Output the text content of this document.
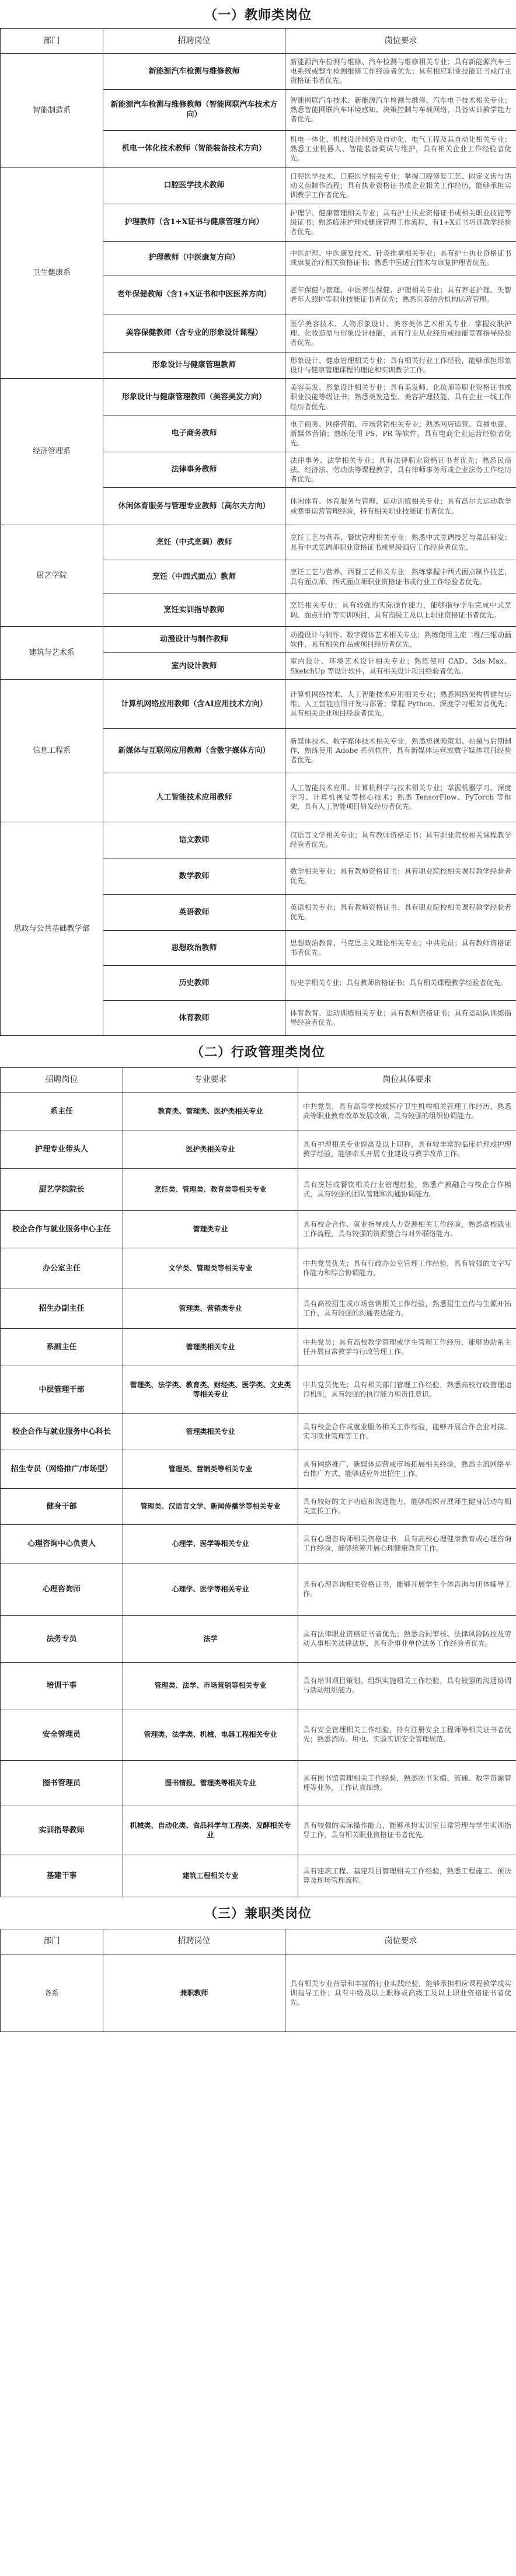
（一）教师类岗位
部门	招聘岗位	岗位要求
智能制造系	新能源汽车检测与维修教师	新能源汽车检测与维修、汽车检测与维修相关专业；具有新能源汽车三电系统或整车检测维修工作经验者优先；具有相应职业技能证书或行业资格证书者优先。
	新能源汽车检测与维修教师（智能网联汽车技术方向）	智能网联汽车技术、新能源汽车检测与维修、汽车电子技术相关专业；熟悉智能网联汽车环境感知、决策控制与车载网络，具备实训教学能力者优先。
	机电一体化技术教师（智能装备技术方向）	机电一体化、机械设计制造及自动化、电气工程及其自动化相关专业；熟悉工业机器人、智能装备调试与维护，具有相关企业工作经验者优先。
卫生健康系	口腔医学技术教师	口腔医学技术、口腔医学相关专业；掌握口腔修复工艺、固定义齿与活动义齿制作流程；具有执业资格证书或企业相关工作经历，能够承担实训教学工作者优先。
	护理教师（含1+X证书与健康管理方向）	护理学、健康管理相关专业；具有护士执业资格证书或相关职业技能等级证书；熟悉临床护理或健康管理工作流程，有1+X证书培训教学经验者优先。
	护理教师（中医康复方向）	中医护理、中医康复技术、针灸推拿相关专业；具有护士执业资格证书或康复治疗相关资格证书；熟悉中医适宜技术与康复护理者优先。
	老年保健教师（含1+X证书和中医医养方向）	老年保健与管理、中医养生保健、护理相关专业；具有养老护理、失智老年人照护等职业技能证书者优先；熟悉医养结合机构运营管理。
	美容保健教师（含专业的形象设计课程）	医学美容技术、人物形象设计、美容美体艺术相关专业；掌握皮肤护理、化妆造型与形象设计技能，具有行业从业经历或技能竞赛指导经验者优先。
	形象设计与健康管理教师	形象设计、健康管理相关专业；具有相关行业工作经验，能够承担形象设计与健康管理课程的理论和实训教学工作。
经济管理系	形象设计与健康管理教师（美容美发方向）	美容美发、形象设计相关专业；具有美发师、化妆师等职业资格证书或职业技能等级证书；熟悉美发造型、美容护理技能，具有企业一线工作经历者优先。
	电子商务教师	电子商务、网络营销、市场营销相关专业；熟悉网店运营、直播电商、新媒体营销；熟练使用 PS、PR 等软件，具有电商企业运营经验者优先。
	法律事务教师	法律事务、法学相关专业；具有法律职业资格证书者优先；熟悉民商法、经济法、劳动法等课程教学，具有律师事务所或企业法务工作经历者优先。
	休闲体育服务与管理专业教师（高尔夫方向）	休闲体育、体育服务与管理、运动训练相关专业；具有高尔夫运动教学或赛事运营管理经验，持有相关职业技能证书者优先。
厨艺学院	烹饪（中式烹调）教师	烹饪工艺与营养、餐饮管理相关专业；熟悉中式烹调技艺与菜品研发；具有中式烹调师职业资格证书或星级酒店工作经验者优先。
	烹饪（中西式面点）教师	烹饪工艺与营养、西餐工艺相关专业；熟练掌握中西式面点制作技艺，具有面点师、西式面点师职业资格证书或行业工作经验者优先。
	烹饪实训指导教师	烹饪相关专业；具有较强的实际操作能力，能够指导学生完成中式烹调、面点制作等实训项目，具有高级工及以上职业资格证书者优先。
建筑与艺术系	动漫设计与制作教师	动漫设计与制作、数字媒体艺术相关专业；熟练使用主流二维/三维动画软件，具有相关作品或项目经历者优先。
	室内设计教师	室内设计、环境艺术设计相关专业；熟练使用 CAD、3ds Max、SketchUp 等设计软件，具有相关设计项目经验者优先。
信息工程系	计算机网络应用教师（含AI应用技术方向）	计算机网络技术、人工智能技术应用相关专业；熟悉网络架构搭建与运维、人工智能应用开发与部署；掌握 Python、深度学习框架者优先；具有相关企业项目经验者优先。
	新媒体与互联网应用教师（含数字媒体方向）	新媒体技术、数字媒体技术相关专业；熟悉短视频策划、拍摄与后期制作，熟练使用 Adobe 系列软件，具有新媒体运营或数字媒体项目经验者优先。
	人工智能技术应用教师	人工智能技术应用、计算机科学与技术相关专业；掌握机器学习、深度学习、计算机视觉等核心技术；熟悉 TensorFlow、PyTorch 等框架，具有人工智能项目研发经历者优先。
思政与公共基础教学部	语文教师	汉语言文学相关专业；具有教师资格证书；具有职业院校相关课程教学经验者优先。
	数学教师	数学相关专业；具有教师资格证书；具有职业院校相关课程教学经验者优先。
	英语教师	英语相关专业；具有教师资格证书；具有职业院校相关课程教学经验者优先。
	思想政治教师	思想政治教育、马克思主义理论相关专业；中共党员；具有教师资格证书者优先。
	历史教师	历史学相关专业；具有教师资格证书；具有相关课程教学经验者优先。
	体育教师	体育教育、运动训练相关专业；具有教师资格证书；具有运动队训练指导经验者优先。
（二）行政管理类岗位
招聘岗位	专业要求	岗位具体要求
系主任	教育类、管理类、医护类相关专业	中共党员，具有高等学校或医疗卫生机构相关管理工作经历，熟悉高等职业教育改革发展政策，具有较强的组织协调能力。
护理专业带头人	医护类相关专业	具有护理相关专业副高及以上职称，具有较丰富的临床护理或护理教学经验，能够牵头开展专业建设与教学改革工作。
厨艺学院院长	烹饪类、管理类、教育类等相关专业	具有烹饪或餐饮相关行业管理经验，熟悉产教融合与校企合作模式，具有较强的团队管理和沟通协调能力。
校企合作与就业服务中心主任	管理类专业	具有校企合作、就业指导或人力资源相关工作经验，熟悉高校就业工作流程，具有较强的资源整合与对外联络能力。
办公室主任	文学类、管理类等相关专业	中共党员优先；具有行政办公室管理工作经验，具有较强的文字写作能力和综合协调能力。
招生办副主任	管理类、营销类专业	具有高校招生或市场营销相关工作经验，熟悉招生宣传与生源开拓工作，具有较强的沟通表达能力。
系副主任	管理类相关专业	中共党员；具有高校教学管理或学生管理工作经历，能够协助系主任开展日常教学与行政管理工作。
中层管理干部	管理类、法学类、教育类、财经类、医学类、文史类等相关专业	中共党员优先；具有相关部门管理工作经验，熟悉高校行政管理运行机制，具有较强的执行能力和责任意识。
校企合作与就业服务中心科长	管理类相关专业	具有校企合作或就业服务相关工作经验，能够开展合作企业对接、实习就业管理等工作。
招生专员（网络推广/市场型）	管理类、营销类等相关专业	具有网络推广、新媒体运营或市场拓展相关经验，熟悉主流网络平台推广方式，能够适应外出招生工作。
健身干部	管理类、汉语言文学、新闻传播学等相关专业	具有较好的文字功底和沟通能力，能够组织开展师生健身活动与相关宣传工作。
心理咨询中心负责人	心理学、医学等相关专业	具有心理咨询师相关资格证书，具有高校心理健康教育或心理咨询工作经验，能够统筹开展心理健康教育工作。
心理咨询师	心理学、医学等相关专业	具有心理咨询相关资格证书，能够开展学生个体咨询与团体辅导工作。
法务专员	法学	具有法律职业资格证书者优先；熟悉合同审核、法律风险防控及劳动人事相关法律法规，具有企事业单位法务工作经验者优先。
培训干事	管理类、法学、市场营销等相关专业	具有培训项目策划、组织实施相关工作经验，具有较强的沟通协调与活动组织能力。
安全管理员	管理类、法学类、机械、电器工程相关专业	具有安全管理相关工作经验，持有注册安全工程师等相关证书者优先；熟悉消防、用电、实验实训安全管理规范。
图书管理员	图书情报、管理类等相关专业	具有图书馆管理相关工作经验，熟悉图书采编、流通、数字资源管理等业务，工作认真细致。
实训指导教师	机械类、自动化类、食品科学与工程类、发酵相关专业	具有较强的实际操作能力，能够承担实训室日常管理与学生实训指导工作，具有相关职业资格证书者优先。
基建干事	建筑工程相关专业	具有建筑工程、基建项目管理相关工作经验，熟悉工程施工、预决算及现场管理流程。
（三）兼职类岗位
部门	招聘岗位	岗位要求
各系	兼职教师	具有相关专业背景和丰富的行业实践经验，能够承担相应课程教学或实训指导工作；具有中级及以上职称或高级工及以上职业资格证书者优先。
